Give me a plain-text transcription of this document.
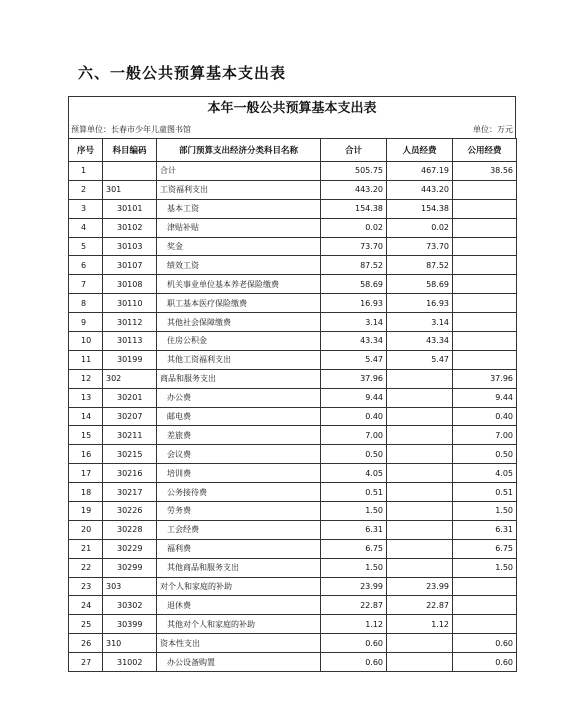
六、一般公共预算基本支出表
本年一般公共预算基本支出表
预算单位：长春市少年儿童图书馆	单位：万元
序号	科目编码	部门预算支出经济分类科目名称	合计	人员经费	公用经费
1		合计	505.75	467.19	38.56
2	301	工资福利支出	443.20	443.20	
3	30101	基本工资	154.38	154.38	
4	30102	津贴补贴	0.02	0.02	
5	30103	奖金	73.70	73.70	
6	30107	绩效工资	87.52	87.52	
7	30108	机关事业单位基本养老保险缴费	58.69	58.69	
8	30110	职工基本医疗保险缴费	16.93	16.93	
9	30112	其他社会保障缴费	3.14	3.14	
10	30113	住房公积金	43.34	43.34	
11	30199	其他工资福利支出	5.47	5.47	
12	302	商品和服务支出	37.96		37.96
13	30201	办公费	9.44		9.44
14	30207	邮电费	0.40		0.40
15	30211	差旅费	7.00		7.00
16	30215	会议费	0.50		0.50
17	30216	培训费	4.05		4.05
18	30217	公务接待费	0.51		0.51
19	30226	劳务费	1.50		1.50
20	30228	工会经费	6.31		6.31
21	30229	福利费	6.75		6.75
22	30299	其他商品和服务支出	1.50		1.50
23	303	对个人和家庭的补助	23.99	23.99	
24	30302	退休费	22.87	22.87	
25	30399	其他对个人和家庭的补助	1.12	1.12	
26	310	资本性支出	0.60		0.60
27	31002	办公设备购置	0.60		0.60
